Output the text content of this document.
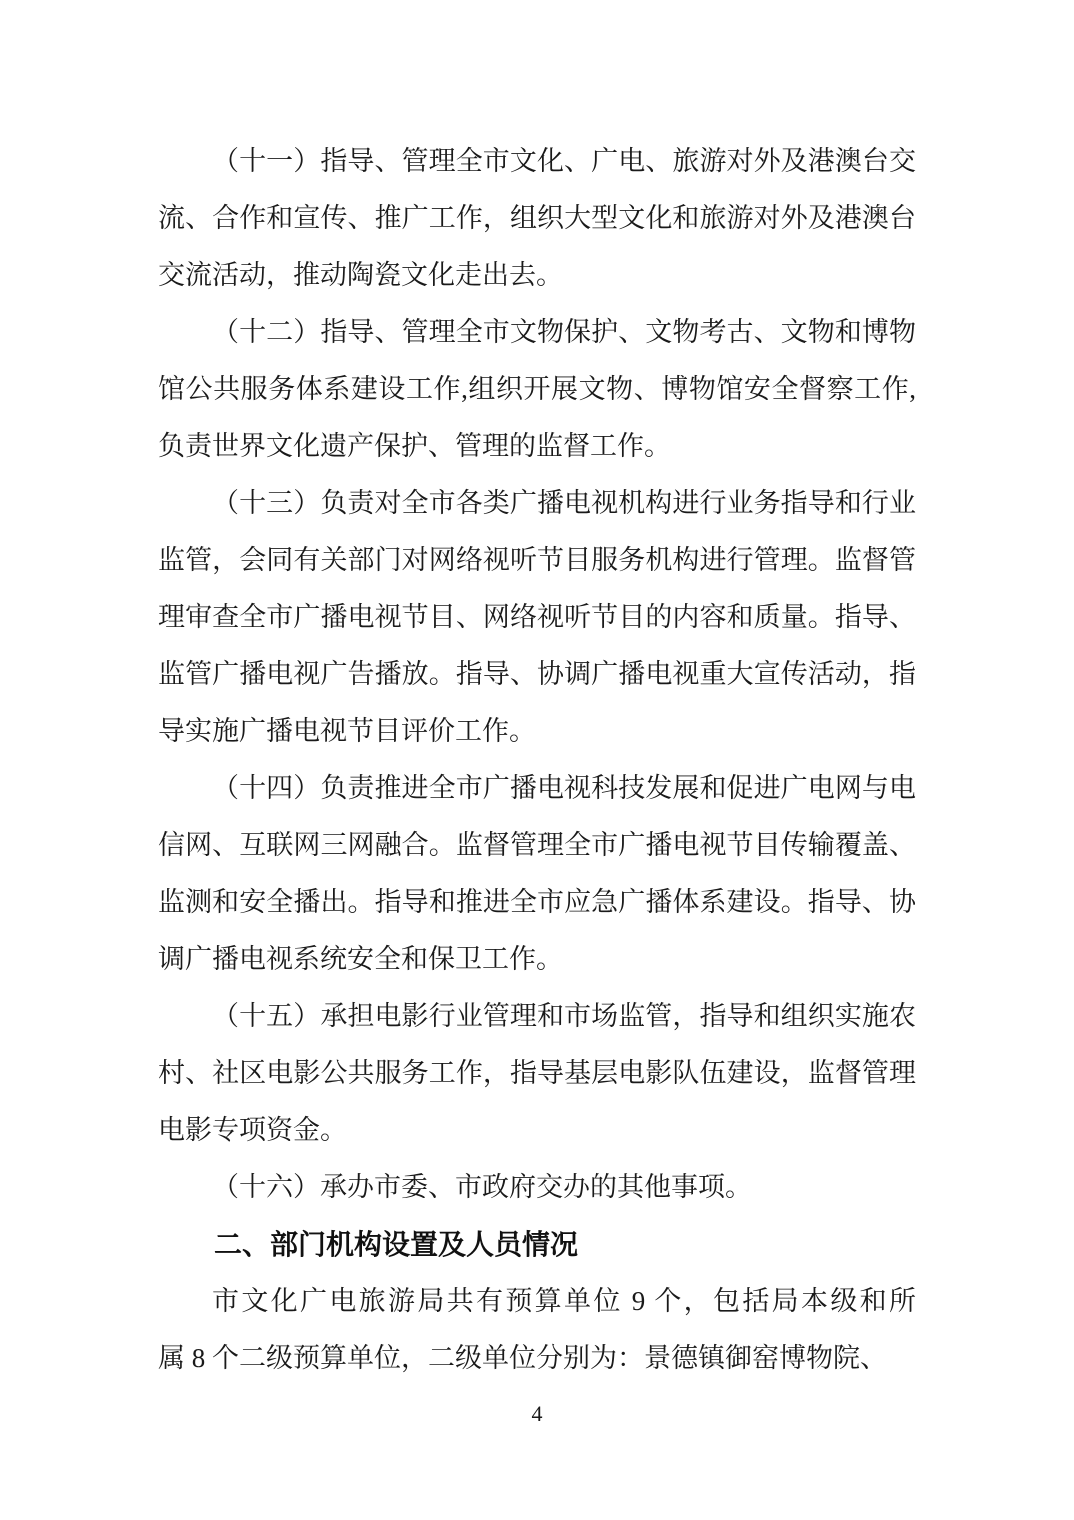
（十一）指导、管理全市文化、广电、旅游对外及港澳台交
流、合作和宣传、推广工作，组织大型文化和旅游对外及港澳台
交流活动，推动陶瓷文化走出去。

（十二）指导、管理全市文物保护、文物考古、文物和博物
馆公共服务体系建设工作,组织开展文物、博物馆安全督察工作,
负责世界文化遗产保护、管理的监督工作。

（十三）负责对全市各类广播电视机构进行业务指导和行业
监管，会同有关部门对网络视听节目服务机构进行管理。监督管
理审查全市广播电视节目、网络视听节目的内容和质量。指导、
监管广播电视广告播放。指导、协调广播电视重大宣传活动，指
导实施广播电视节目评价工作。

（十四）负责推进全市广播电视科技发展和促进广电网与电
信网、互联网三网融合。监督管理全市广播电视节目传输覆盖、
监测和安全播出。指导和推进全市应急广播体系建设。指导、协
调广播电视系统安全和保卫工作。

（十五）承担电影行业管理和市场监管，指导和组织实施农
村、社区电影公共服务工作，指导基层电影队伍建设，监督管理
电影专项资金。

（十六）承办市委、市政府交办的其他事项。

二、部门机构设置及人员情况

市文化广电旅游局共有预算单位 9 个，包括局本级和所
属 8 个二级预算单位，二级单位分别为：景德镇御窑博物院、

4
